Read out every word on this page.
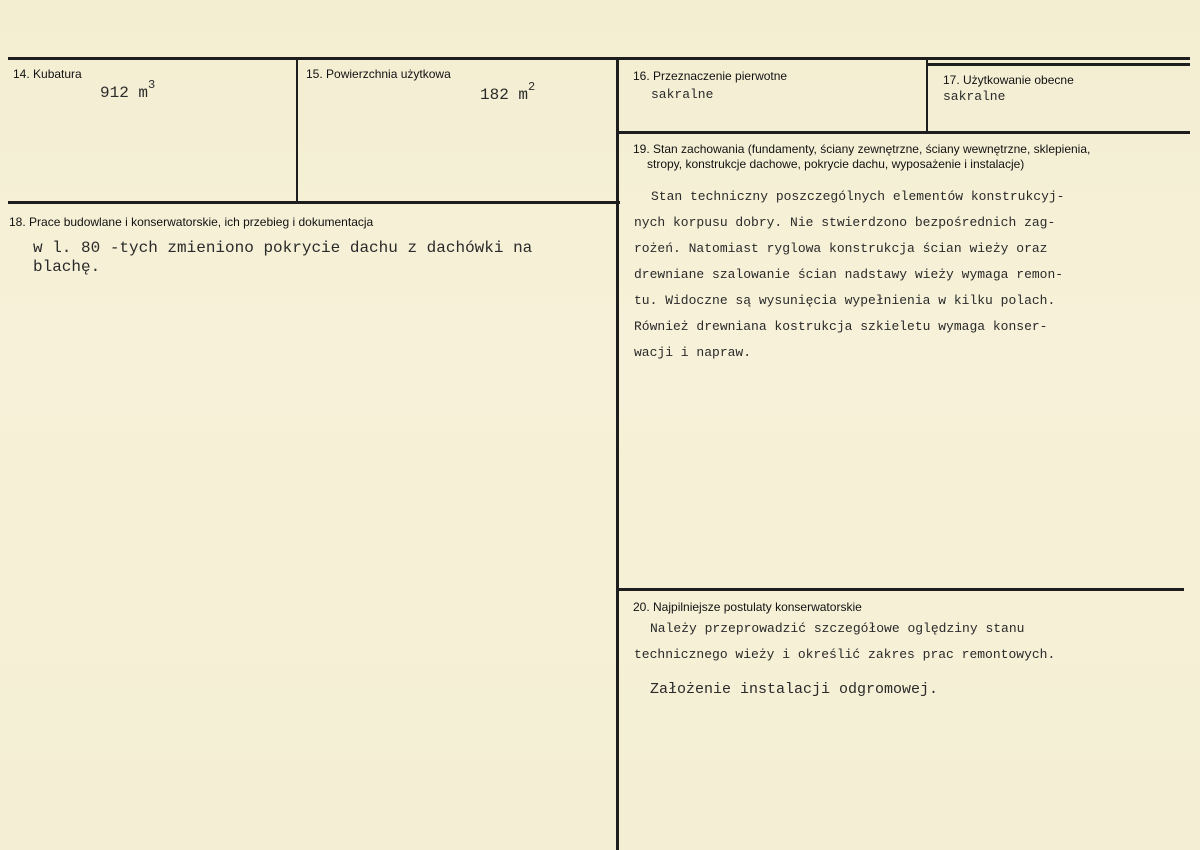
14. Kubatura
912 $m^3$
15. Powierzchnia użytkowa
182 $m^2$
16. Przeznaczenie pierwotne
sakralne
17. Użytkowanie obecne
sakralne
18. Prace budowlane i konserwatorskie, ich przebieg i dokumentacja
w l. 80 -tych zmieniono pokrycie dachu z dachówki na
blachę.
19. Stan zachowania (fundamenty, ściany zewnętrzne, ściany wewnętrzne, sklepienia,
stropy, konstrukcje dachowe, pokrycie dachu, wyposażenie i instalacje)
Stan techniczny poszczególnych elementów konstrukcyj-
nych korpusu dobry. Nie stwierdzono bezpośrednich zag-
rożeń. Natomiast ryglowa konstrukcja ścian wieży oraz
drewniane szalowanie ścian nadstawy wieży wymaga remon-
tu. Widoczne są wysunięcia wypełnienia w kilku polach.
Również drewniana kostrukcja szkieletu wymaga konser-
wacji i napraw.
20. Najpilniejsze postulaty konserwatorskie
Należy przeprowadzić szczegółowe oględziny stanu
technicznego wieży i określić zakres prac remontowych.
Założenie instalacji odgromowej.
